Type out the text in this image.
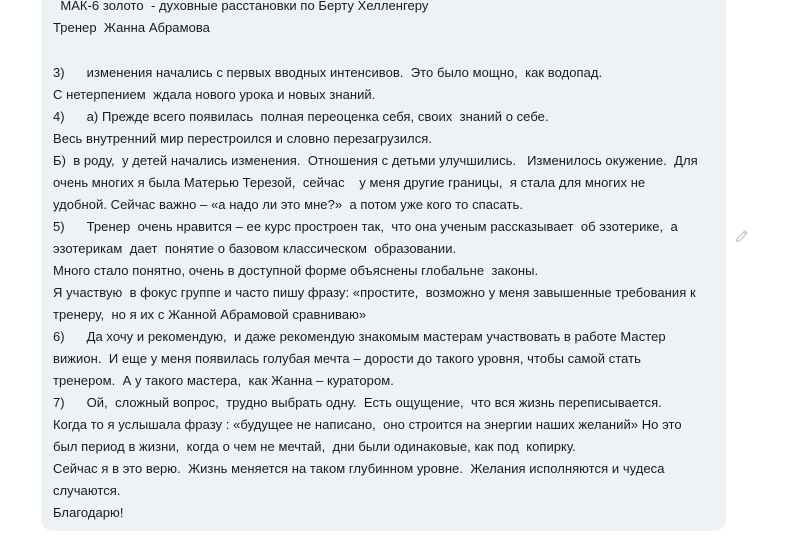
МАК-6 золото  - духовные расстановки по Берту Хелленгеру
Тренер  Жанна Абрамова
3)      изменения начались с первых вводных интенсивов.  Это было мощно,  как водопад.
С нетерпением  ждала нового урока и новых знаний.
4)      а) Прежде всего появилась  полная переоценка себя, своих  знаний о себе.
Весь внутренний мир перестроился и словно перезагрузился.
Б)  в роду,  у детей начались изменения.  Отношения с детьми улучшились.   Изменилось окужение.  Для
очень многих я была Матерью Терезой,  сейчас    у меня другие границы,  я стала для многих не
удобной. Сейчас важно – «а надо ли это мне?»  а потом уже кого то спасать.
5)      Тренер  очень нравится – ее курс простроен так,  что она ученым рассказывает  об эзотерике,  а
эзотерикам  дает  понятие о базовом классическом  образовании.
Много стало понятно, очень в доступной форме объяснены глобальне  законы.
Я участвую  в фокус группе и часто пишу фразу: «простите,  возможно у меня завышенные требования к
тренеру,  но я их с Жанной Абрамовой сравниваю»
6)      Да хочу и рекомендую,  и даже рекомендую знакомым мастерам участвовать в работе Мастер
вижион.  И еще у меня появилась голубая мечта – дорости до такого уровня, чтобы самой стать
тренером.  А у такого мастера,  как Жанна – куратором.
7)      Ой,  сложный вопрос,  трудно выбрать одну.  Есть ощущение,  что вся жизнь переписывается.
Когда то я услышала фразу : «будущее не написано,  оно строится на энергии наших желаний» Но это
был период в жизни,  когда о чем не мечтай,  дни были одинаковые, как под  копирку.
Сейчас я в это верю.  Жизнь меняется на таком глубинном уровне.  Желания исполняются и чудеса
случаются.
Благодарю!
